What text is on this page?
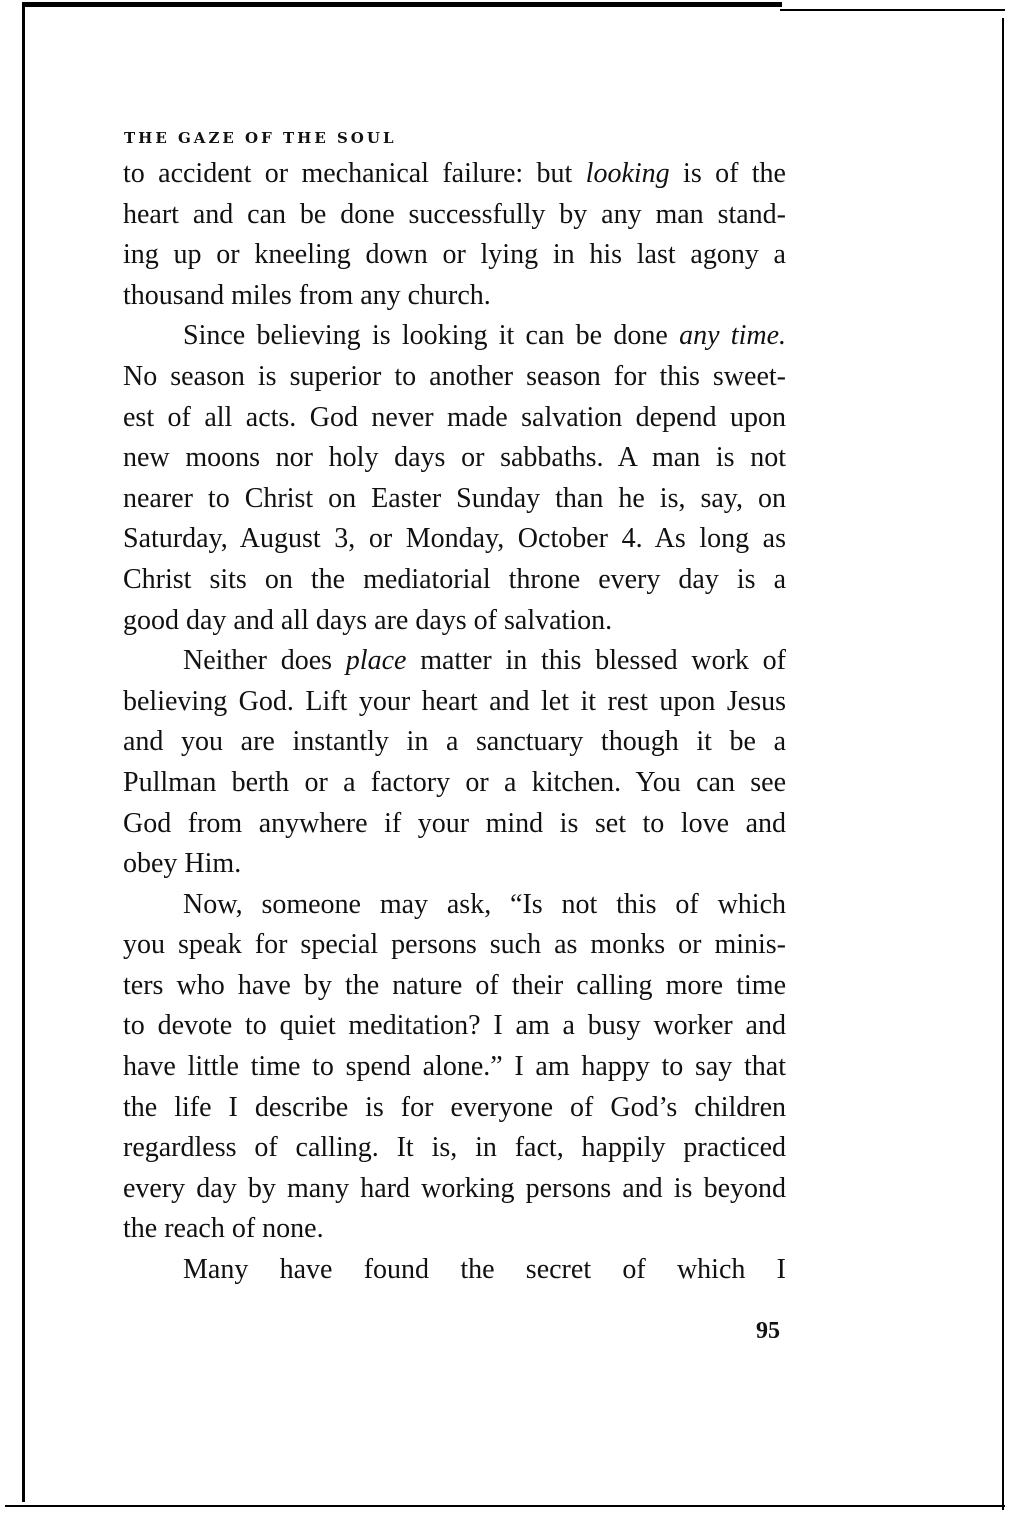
THE GAZE OF THE SOUL
to accident or mechanical failure: but looking is of the
heart and can be done successfully by any man stand-
ing up or kneeling down or lying in his last agony a
thousand miles from any church.
Since believing is looking it can be done any time.
No season is superior to another season for this sweet-
est of all acts. God never made salvation depend upon
new moons nor holy days or sabbaths. A man is not
nearer to Christ on Easter Sunday than he is, say, on
Saturday, August 3, or Monday, October 4. As long as
Christ sits on the mediatorial throne every day is a
good day and all days are days of salvation.
Neither does place matter in this blessed work of
believing God. Lift your heart and let it rest upon Jesus
and you are instantly in a sanctuary though it be a
Pullman berth or a factory or a kitchen. You can see
God from anywhere if your mind is set to love and
obey Him.
Now, someone may ask, “Is not this of which
you speak for special persons such as monks or minis-
ters who have by the nature of their calling more time
to devote to quiet meditation? I am a busy worker and
have little time to spend alone.” I am happy to say that
the life I describe is for everyone of God’s children
regardless of calling. It is, in fact, happily practiced
every day by many hard working persons and is beyond
the reach of none.
Many have found the secret of which I
95
